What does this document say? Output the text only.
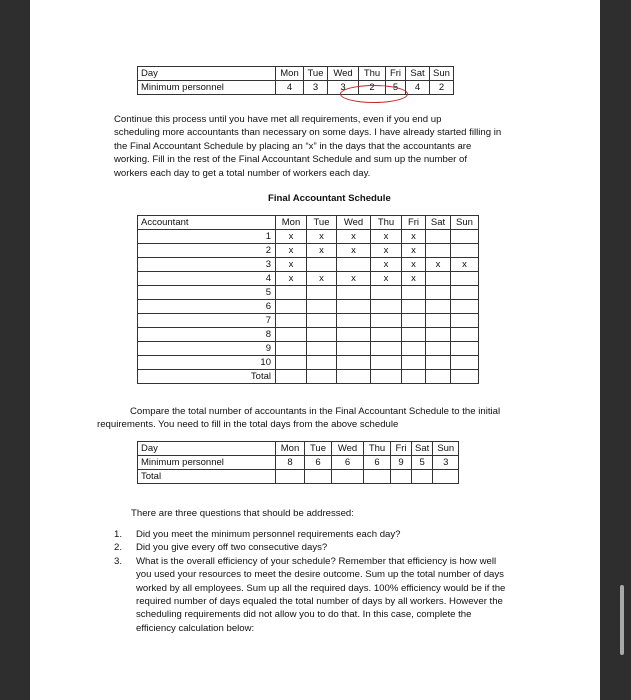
Day	Mon	Tue	Wed	Thu	Fri	Sat	Sun
Minimum personnel	4	3	3	2	5	4	2
Continue this process until you have met all requirements, even if you end up
scheduling more accountants than necessary on some days. I have already started filling in
the Final Accountant Schedule by placing an “x” in the days that the accountants are
working. Fill in the rest of the Final Accountant Schedule and sum up the number of
workers each day to get a total number of workers each day.
Final Accountant Schedule
Accountant	Mon	Tue	Wed	Thu	Fri	Sat	Sun
1	x	x	x	x	x		
2	x	x	x	x	x		
3	x			x	x	x	x
4	x	x	x	x	x		
5							
6							
7							
8							
9							
10							
Total							
Compare the total number of accountants in the Final Accountant Schedule to the initial
requirements. You need to fill in the total days from the above schedule
Day	Mon	Tue	Wed	Thu	Fri	Sat	Sun
Minimum personnel	8	6	6	6	9	5	3
Total							
There are three questions that should be addressed:
1. Did you meet the minimum personnel requirements each day?
2. Did you give every off two consecutive days?
3. What is the overall efficiency of your schedule? Remember that efficiency is how well
you used your resources to meet the desire outcome. Sum up the total number of days
worked by all employees. Sum up all the required days. 100% efficiency would be if the
required number of days equaled the total number of days by all workers. However the
scheduling requirements did not allow you to do that. In this case, complete the
efficiency calculation below:
